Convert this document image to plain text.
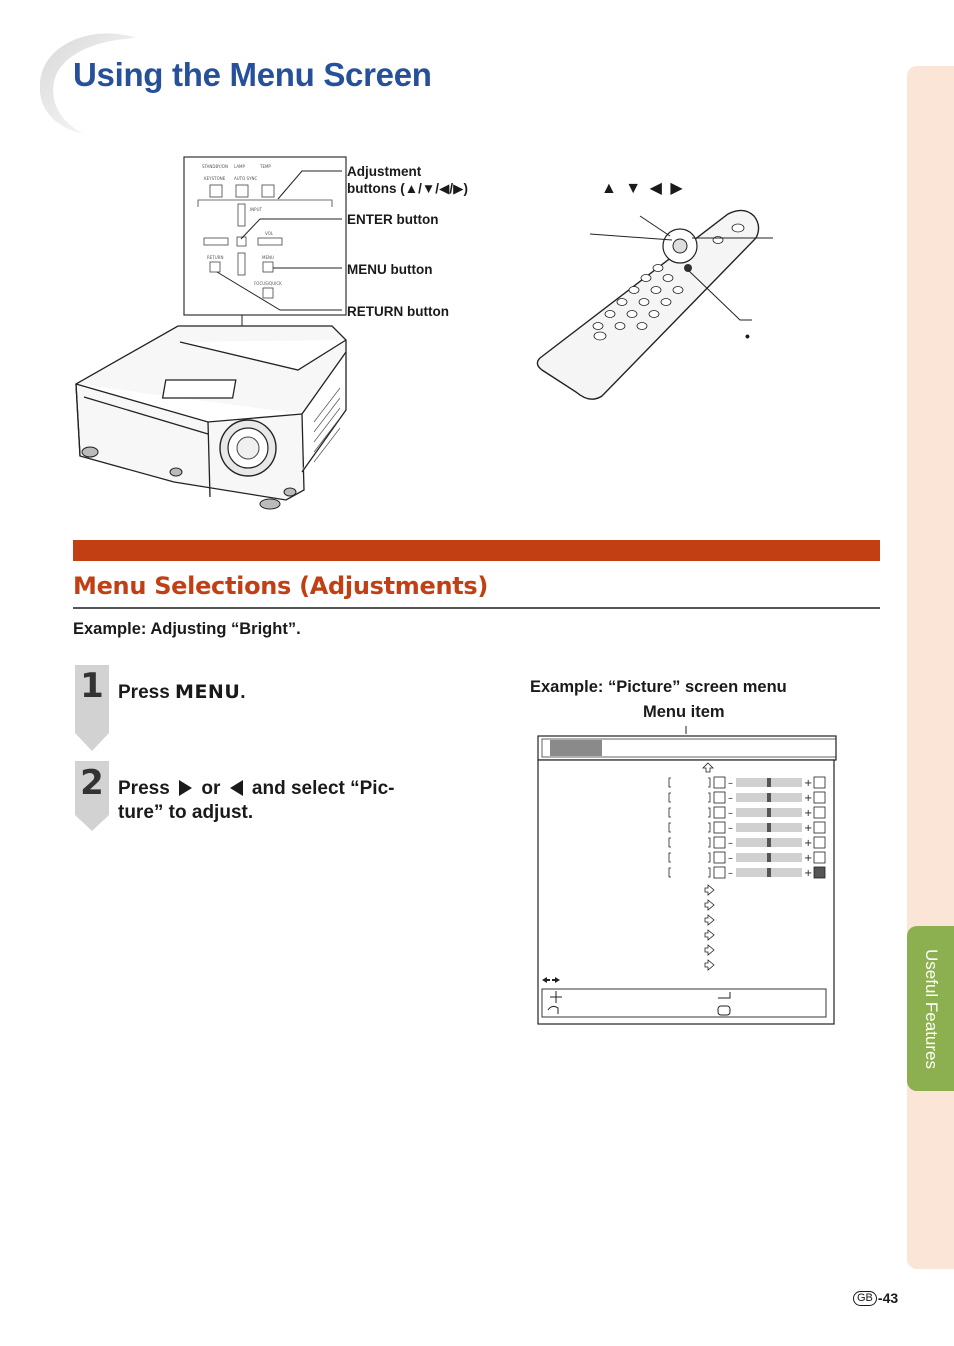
Using the Menu Screen
Useful Features
STANDBY/ON LAMP	TEMP
KEYSTONE AUTO SYNC
INPUT
VOL
RETURN	MENU
FOCUS/QUICK
Adjustment
buttons (▲/▼/◀/▶)
ENTER button
MENU button
RETURN button
▲ ▼ ◀ ▶
•
Menu Selections (Adjustments)
Example: Adjusting “Bright”.
1 Press MENU.
2 Press or and select “Pic-
ture” to adjust.
Example: “Picture” screen menu
Menu item
–	+
–	+
–	+
–	+
–	+
–	+
–	+
GB -43
